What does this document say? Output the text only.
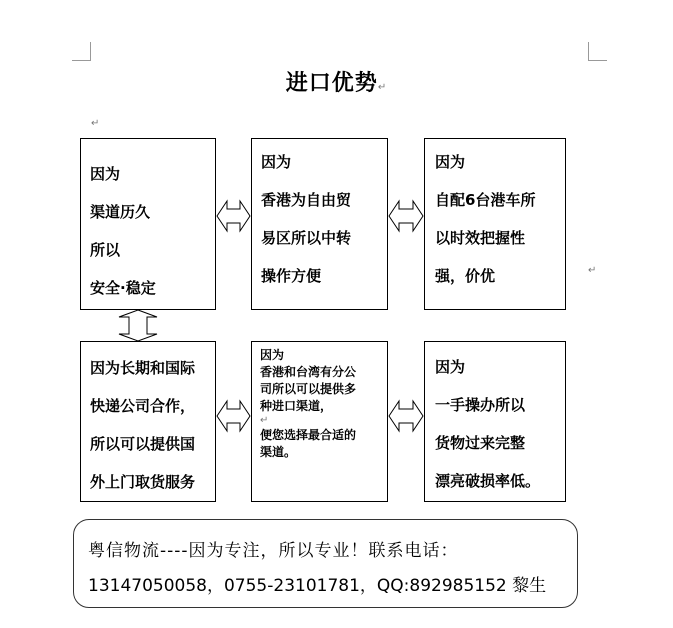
进口优势↵
↵
↵
因为
渠道历久
所以
安全·稳定
因为
香港为自由贸
易区所以中转
操作方便
因为
自配6台港车所
以时效把握性
强，价优
因为长期和国际
快递公司合作，
所以可以提供国
外上门取货服务
因为
香港和台湾有分公
司所以可以提供多
种进口渠道，
↵
便您选择最合适的
渠道。
因为
一手操办所以
货物过来完整
漂亮破损率低。
粤信物流----因为专注，所以专业！联系电话：
13147050058，0755-23101781，QQ:892985152 黎生
